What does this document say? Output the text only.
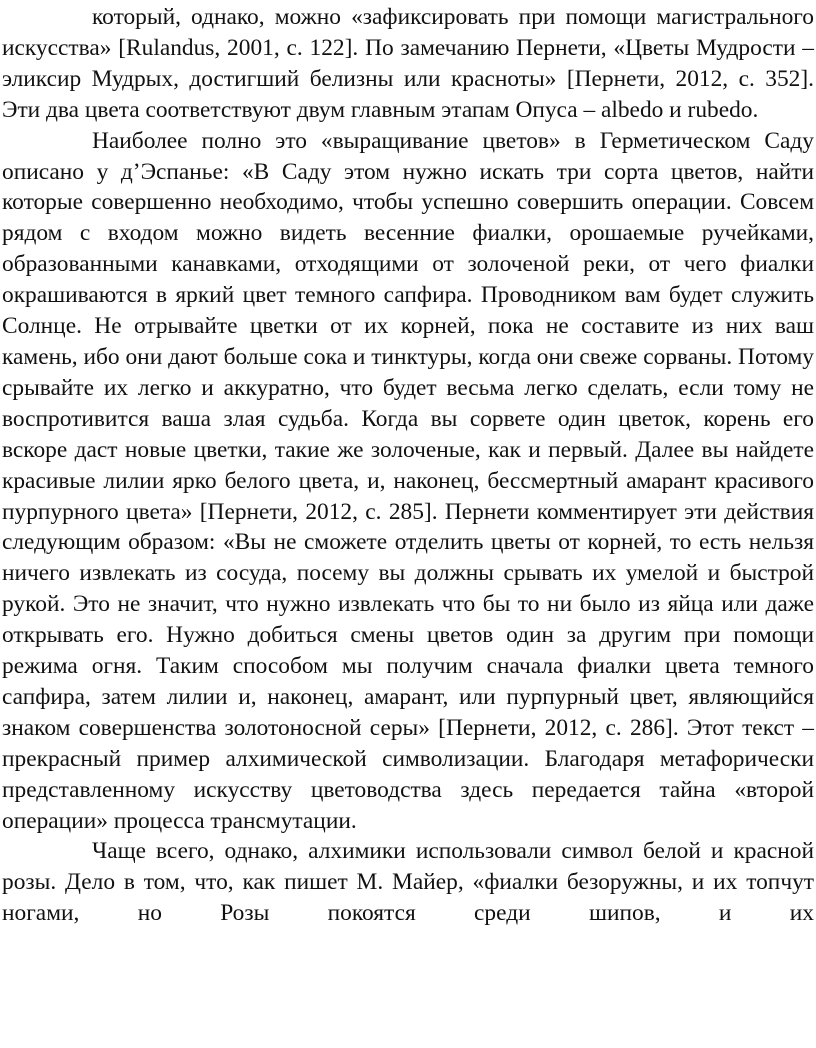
который, однако, можно «зафиксировать при помощи магистрального искусства» [Rulandus, 2001, с. 122]. По замечанию Пернети, «Цветы Мудрости – эликсир Мудрых, достигший белизны или красноты» [Пернети, 2012, с. 352]. Эти два цвета соответствуют двум главным этапам Опуса – albedo и rubedo.

Наиболее полно это «выращивание цветов» в Герметическом Саду описано у д’Эспанье: «В Саду этом нужно искать три сорта цветов, найти которые совершенно необходимо, чтобы успешно совершить операции. Совсем рядом с входом можно видеть весенние фиалки, орошаемые ручейками, образованными канавками, отходящими от золоченой реки, от чего фиалки окрашиваются в яркий цвет темного сапфира. Проводником вам будет служить Солнце. Не отрывайте цветки от их корней, пока не составите из них ваш камень, ибо они дают больше сока и тинктуры, когда они свеже сорваны. Потому срывайте их легко и аккуратно, что будет весьма легко сделать, если тому не воспротивится ваша злая судьба. Когда вы сорвете один цветок, корень его вскоре даст новые цветки, такие же золоченые, как и первый. Далее вы найдете красивые лилии ярко белого цвета, и, наконец, бессмертный амарант красивого пурпурного цвета» [Пернети, 2012, с. 285]. Пернети комментирует эти действия следующим образом: «Вы не сможете отделить цветы от корней, то есть нельзя ничего извлекать из сосуда, посему вы должны срывать их умелой и быстрой рукой. Это не значит, что нужно извлекать что бы то ни было из яйца или даже открывать его. Нужно добиться смены цветов один за другим при помощи режима огня. Таким способом мы получим сначала фиалки цвета темного сапфира, затем лилии и, наконец, амарант, или пурпурный цвет, являющийся знаком совершенства золотоносной серы» [Пернети, 2012, с. 286]. Этот текст – прекрасный пример алхимической символизации. Благодаря метафорически представленному искусству цветоводства здесь передается тайна «второй операции» процесса трансмутации.

Чаще всего, однако, алхимики использовали символ белой и красной розы. Дело в том, что, как пишет М. Майер, «фиалки безоружны, и их топчут ногами, но Розы покоятся среди шипов, и их
